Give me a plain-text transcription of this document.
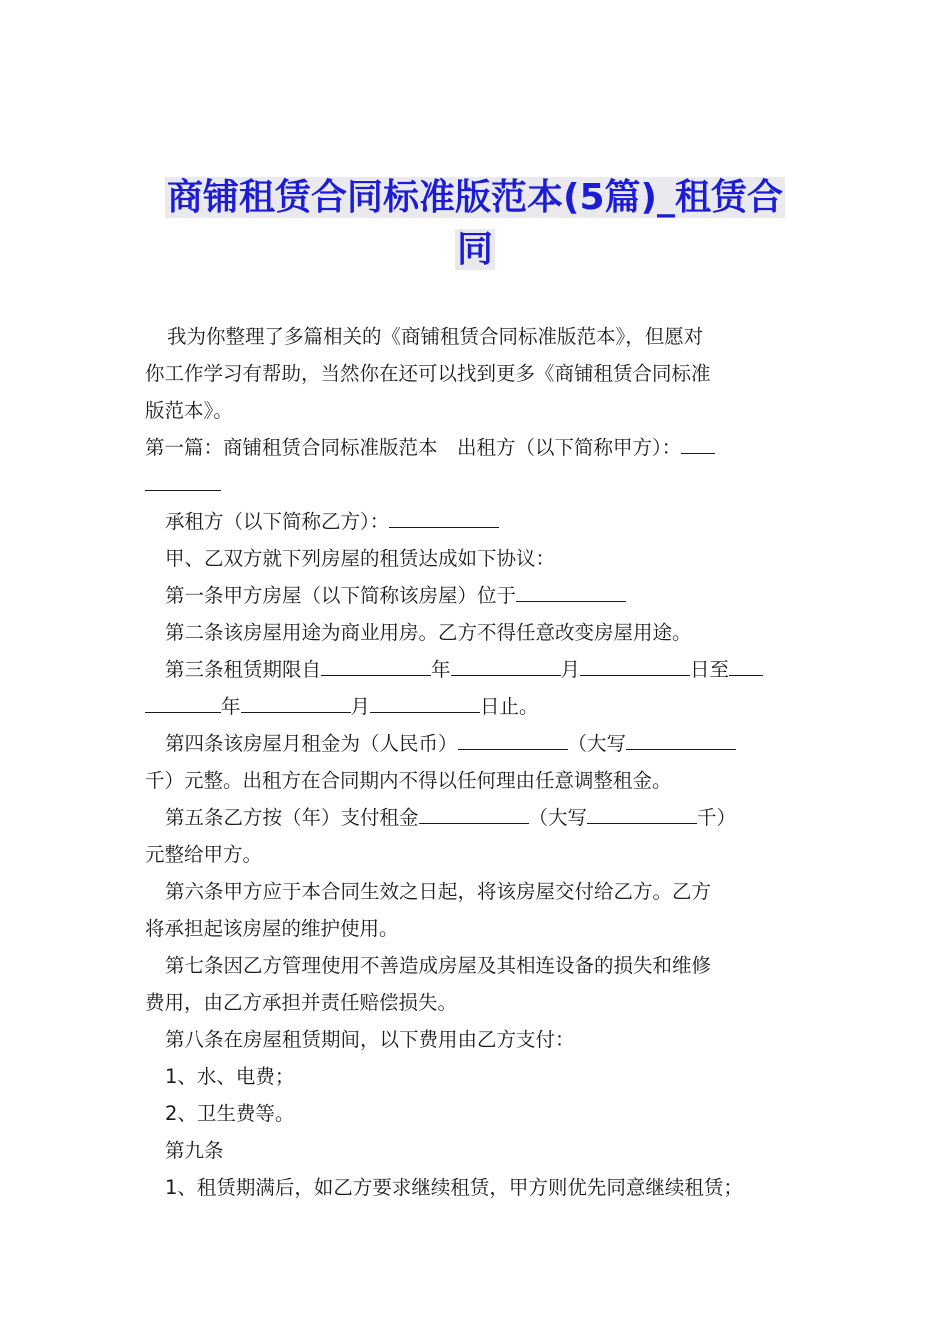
商铺租赁合同标准版范本(5篇)_租赁合
同
我为你整理了多篇相关的《商铺租赁合同标准版范本》，但愿对
你工作学习有帮助，当然你在还可以找到更多《商铺租赁合同标准
版范本》。
第一篇：商铺租赁合同标准版范本　出租方（以下简称甲方）：
承租方（以下简称乙方）：
甲、乙双方就下列房屋的租赁达成如下协议：
第一条甲方房屋（以下简称该房屋）位于
第二条该房屋用途为商业用房。乙方不得任意改变房屋用途。
第三条租赁期限自	年	月	日至
年	月	日止。
第四条该房屋月租金为（人民币）	（大写
千）元整。出租方在合同期内不得以任何理由任意调整租金。
第五条乙方按（年）支付租金	（大写	千）
元整给甲方。
第六条甲方应于本合同生效之日起，将该房屋交付给乙方。乙方
将承担起该房屋的维护使用。
第七条因乙方管理使用不善造成房屋及其相连设备的损失和维修
费用，由乙方承担并责任赔偿损失。
第八条在房屋租赁期间，以下费用由乙方支付：
1、水、电费；
2、卫生费等。
第九条
1、租赁期满后，如乙方要求继续租赁，甲方则优先同意继续租赁；
